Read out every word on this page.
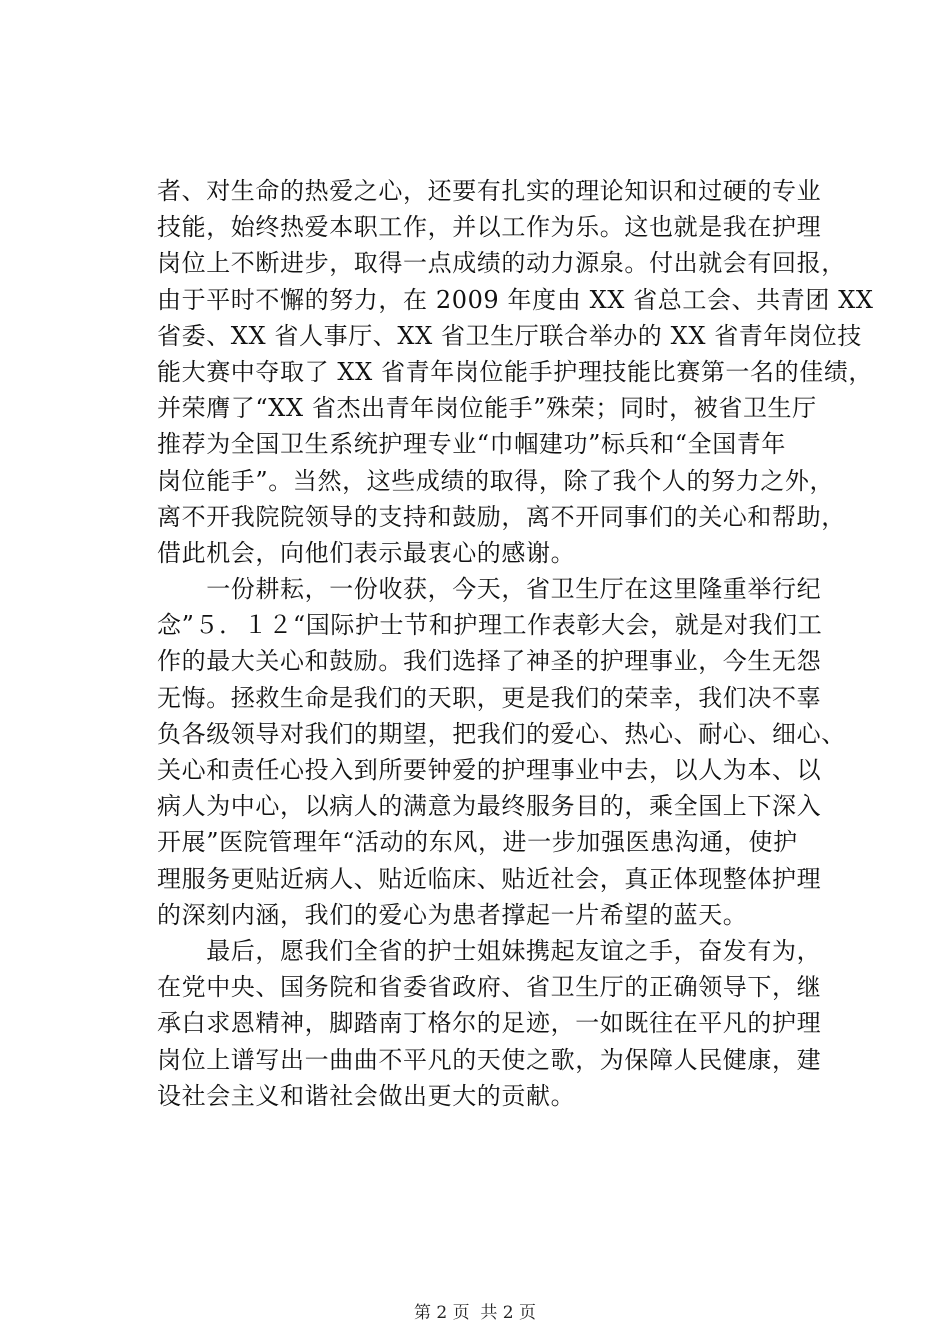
者、对生命的热爱之心，还要有扎实的理论知识和过硬的专业
技能，始终热爱本职工作，并以工作为乐。这也就是我在护理
岗位上不断进步，取得一点成绩的动力源泉。付出就会有回报，
由于平时不懈的努力，在 2009 年度由 XX 省总工会、共青团 XX
省委、XX 省人事厅、XX 省卫生厅联合举办的 XX 省青年岗位技
能大赛中夺取了 XX 省青年岗位能手护理技能比赛第一名的佳绩，
并荣膺了“XX 省杰出青年岗位能手”殊荣；同时，被省卫生厅
推荐为全国卫生系统护理专业“巾帼建功”标兵和“全国青年
岗位能手”。当然，这些成绩的取得，除了我个人的努力之外，
离不开我院院领导的支持和鼓励，离不开同事们的关心和帮助，
借此机会，向他们表示最衷心的感谢。
　　一份耕耘，一份收获，今天，省卫生厅在这里隆重举行纪
念”５．１２“国际护士节和护理工作表彰大会，就是对我们工
作的最大关心和鼓励。我们选择了神圣的护理事业，今生无怨
无悔。拯救生命是我们的天职，更是我们的荣幸，我们决不辜
负各级领导对我们的期望，把我们的爱心、热心、耐心、细心、
关心和责任心投入到所要钟爱的护理事业中去，以人为本、以
病人为中心，以病人的满意为最终服务目的，乘全国上下深入
开展”医院管理年“活动的东风，进一步加强医患沟通，使护
理服务更贴近病人、贴近临床、贴近社会，真正体现整体护理
的深刻内涵，我们的爱心为患者撑起一片希望的蓝天。
　　最后，愿我们全省的护士姐妹携起友谊之手，奋发有为，
在党中央、国务院和省委省政府、省卫生厅的正确领导下，继
承白求恩精神，脚踏南丁格尔的足迹，一如既往在平凡的护理
岗位上谱写出一曲曲不平凡的天使之歌，为保障人民健康，建
设社会主义和谐社会做出更大的贡献。
第 2 页  共 2 页
